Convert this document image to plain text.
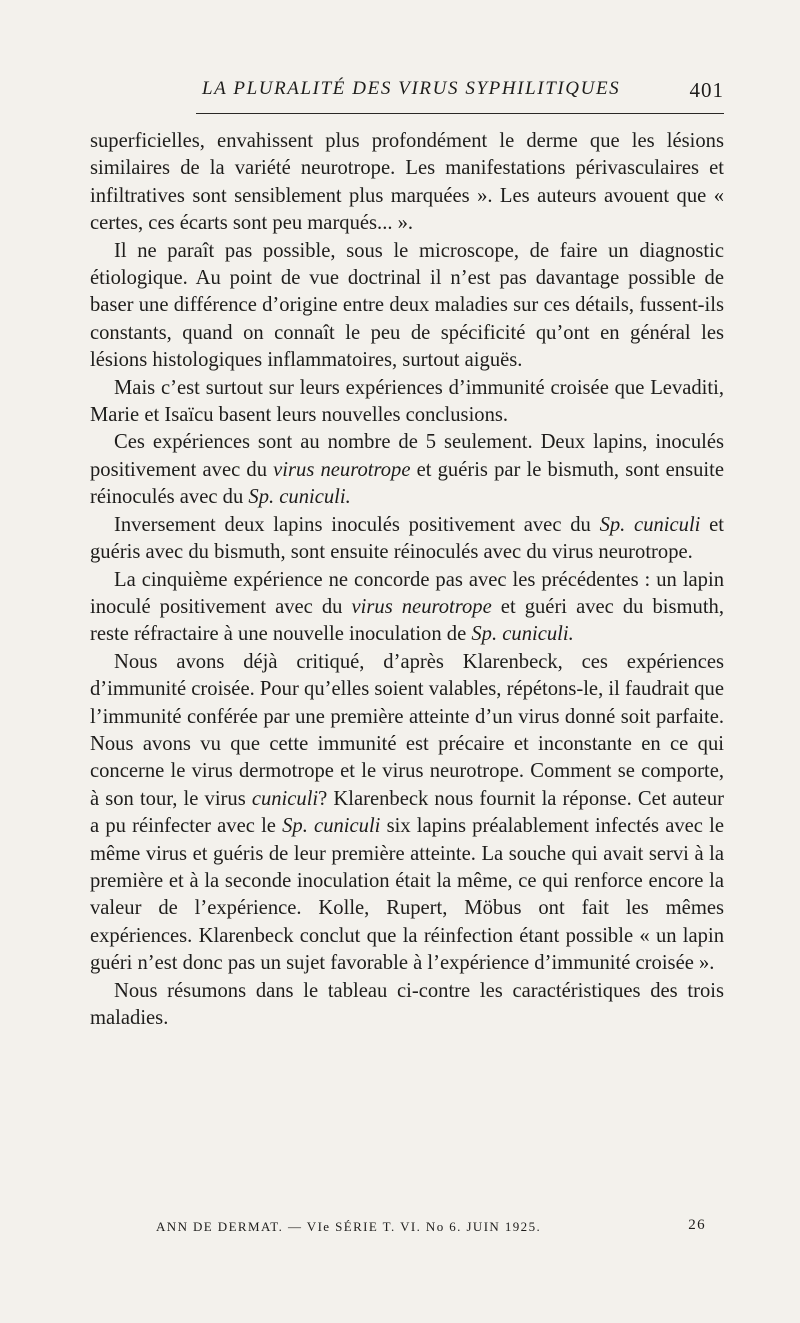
LA PLURALITÉ DES VIRUS SYPHILITIQUES	401

superficielles, envahissent plus profondément le derme que les lésions similaires de la variété neurotrope. Les manifestations périvasculaires et infiltratives sont sensiblement plus marquées ». Les auteurs avouent que « certes, ces écarts sont peu marqués... ».

Il ne paraît pas possible, sous le microscope, de faire un diagnostic étiologique. Au point de vue doctrinal il n’est pas davantage possible de baser une différence d’origine entre deux maladies sur ces détails, fussent-ils constants, quand on connaît le peu de spécificité qu’ont en général les lésions histologiques inflammatoires, surtout aiguës.

Mais c’est surtout sur leurs expériences d’immunité croisée que Levaditi, Marie et Isaïcu basent leurs nouvelles conclusions.

Ces expériences sont au nombre de 5 seulement. Deux lapins, inoculés positivement avec du virus neurotrope et guéris par le bismuth, sont ensuite réinoculés avec du Sp. cuniculi.

Inversement deux lapins inoculés positivement avec du Sp. cuniculi et guéris avec du bismuth, sont ensuite réinoculés avec du virus neurotrope.

La cinquième expérience ne concorde pas avec les précédentes : un lapin inoculé positivement avec du virus neurotrope et guéri avec du bismuth, reste réfractaire à une nouvelle inoculation de Sp. cuniculi.

Nous avons déjà critiqué, d’après Klarenbeck, ces expériences d’immunité croisée. Pour qu’elles soient valables, répétons-le, il faudrait que l’immunité conférée par une première atteinte d’un virus donné soit parfaite. Nous avons vu que cette immunité est précaire et inconstante en ce qui concerne le virus dermotrope et le virus neurotrope. Comment se comporte, à son tour, le virus cuniculi? Klarenbeck nous fournit la réponse. Cet auteur a pu réinfecter avec le Sp. cuniculi six lapins préalablement infectés avec le même virus et guéris de leur première atteinte. La souche qui avait servi à la première et à la seconde inoculation était la même, ce qui renforce encore la valeur de l’expérience. Kolle, Rupert, Möbus ont fait les mêmes expériences. Klarenbeck conclut que la réinfection étant possible « un lapin guéri n’est donc pas un sujet favorable à l’expérience d’immunité croisée ».

Nous résumons dans le tableau ci-contre les caractéristiques des trois maladies.

ANN DE DERMAT. — VIe SÉRIE T. VI. No 6. JUIN 1925.	26
